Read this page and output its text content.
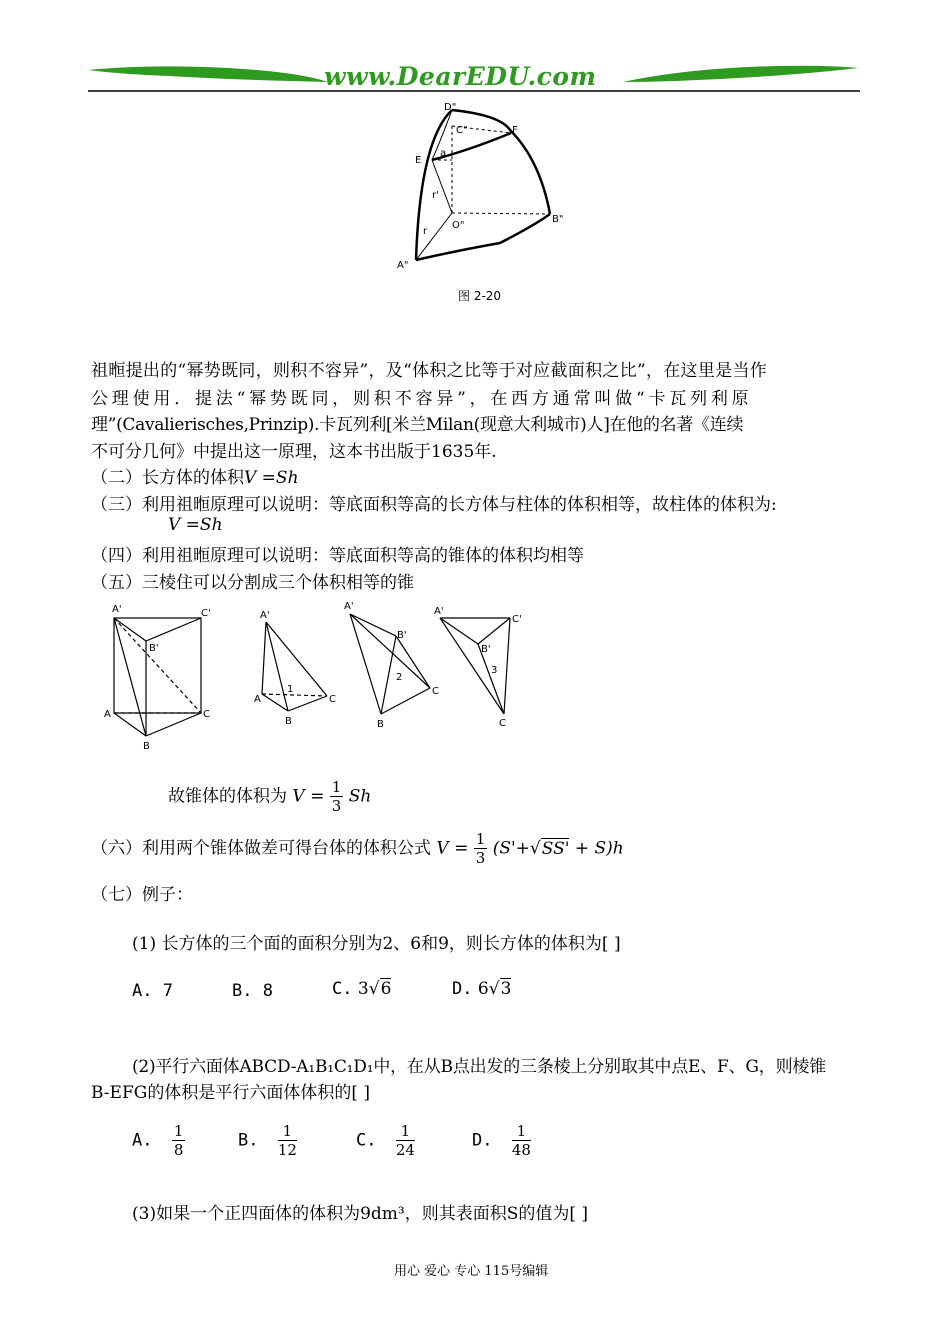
www.DearEDU.com
D"
C"	F
E
a
r'
O"
r
B"
A"
图 2-20
祖暅提出的“幂势既同，则积不容异”，及“体积之比等于对应截面积之比”，在这里是当作
公理使用．提法“幂势既同，则积不容异”，在西方通常叫做“卡瓦列利原
理”(Cavalierisches,Prinzip).卡瓦列利[米兰Milan(现意大利城市)人]在他的名著《连续
不可分几何》中提出这一原理，这本书出版于1635年.
（二）长方体的体积V =Sh
（三）利用祖暅原理可以说明：等底面积等高的长方体与柱体的体积相等，故柱体的体积为:
V =Sh
（四）利用祖暅原理可以说明：等底面积等高的锥体的体积均相等
（五）三棱住可以分割成三个体积相等的锥
A'	C'
B'
A	C
B
A'
A
1
C
B
A'
B'
2
C
B
A'
C'
B'
3
C
故锥体的体积为 $V = \frac{1}{3}$ Sh
（六）利用两个锥体做差可得台体的体积公式 $V = \frac{1}{3} (S'+√SS' + S)h$
（七）例子：
(1) 长方体的三个面的面积分别为2、6和9，则长方体的体积为[ ]
A. 7	B. 8	C. 3√6	D. 6√3
(2)平行六面体ABCD-A₁B₁C₁D₁中，在从B点出发的三条棱上分别取其中点E、F、G，则棱锥
B-EFG的体积是平行六面体体积的[ ]
A. $\frac{1}{8}$	B. $\frac{1}{12}$	C. $\frac{1}{24}$	D. $\frac{1}{48}$
(3)如果一个正四面体的体积为9dm³，则其表面积S的值为[ ]
用心 爱心 专心 115号编辑
